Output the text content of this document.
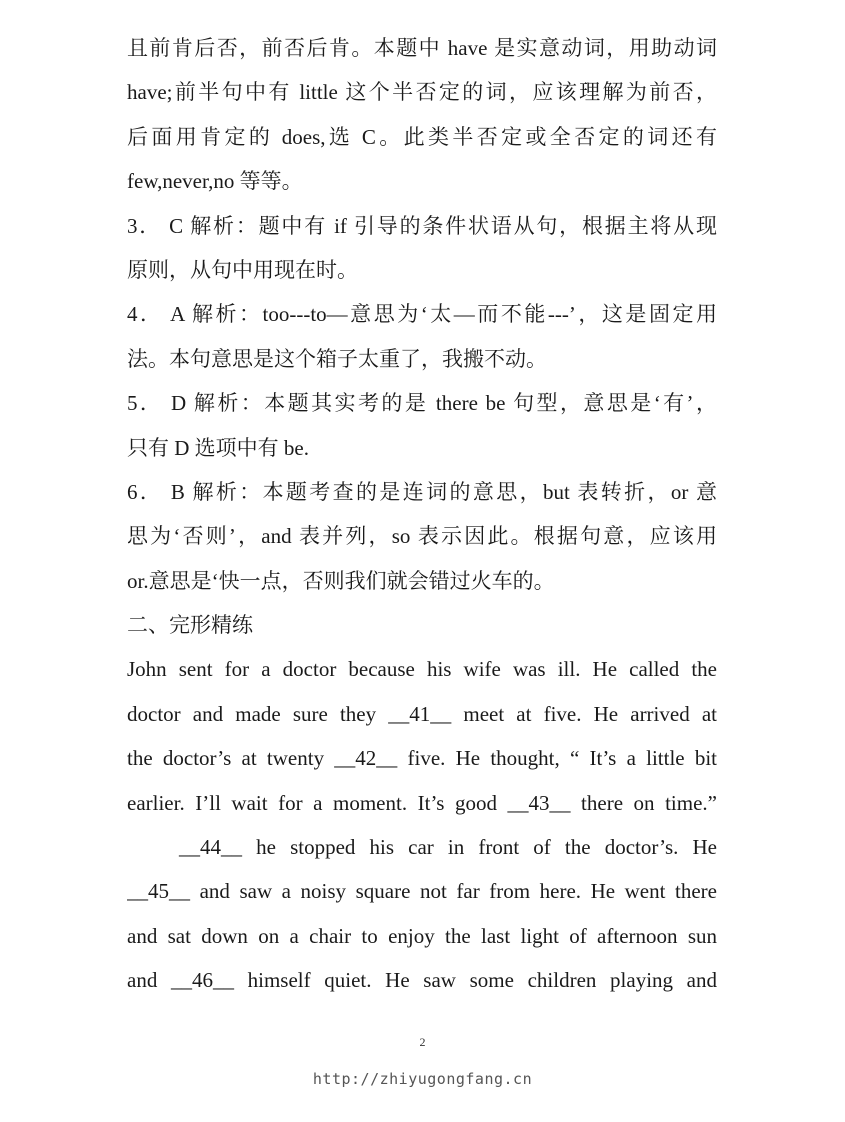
且前肯后否，前否后肯。本题中 have 是实意动词，用助动词
have;前半句中有 little 这个半否定的词，应该理解为前否，
后面用肯定的 does,选 C。此类半否定或全否定的词还有
few,never,no 等等。
3． C 解析：题中有 if 引导的条件状语从句，根据主将从现
原则，从句中用现在时。
4． A 解析：too---to—意思为‘太—而不能---’，这是固定用
法。本句意思是这个箱子太重了，我搬不动。
5． D 解析：本题其实考的是 there be 句型，意思是‘有’，
只有 D 选项中有 be.
6． B 解析：本题考查的是连词的意思，but 表转折，or 意
思为‘否则’，and 表并列，so 表示因此。根据句意，应该用
or.意思是‘快一点，否则我们就会错过火车的。
二、完形精练
John sent for a doctor because his wife was ill. He called the
doctor and made sure they __41__ meet at five. He arrived at
the doctor’s at twenty __42__ five. He thought, “ It’s a little bit
earlier. I’ll wait for a moment. It’s good __43__ there on time.”
__44__ he stopped his car in front of the doctor’s. He
__45__ and saw a noisy square not far from here. He went there
and sat down on a chair to enjoy the last light of afternoon sun
and __46__ himself quiet. He saw some children playing and
2
http://zhiyugongfang.cn
